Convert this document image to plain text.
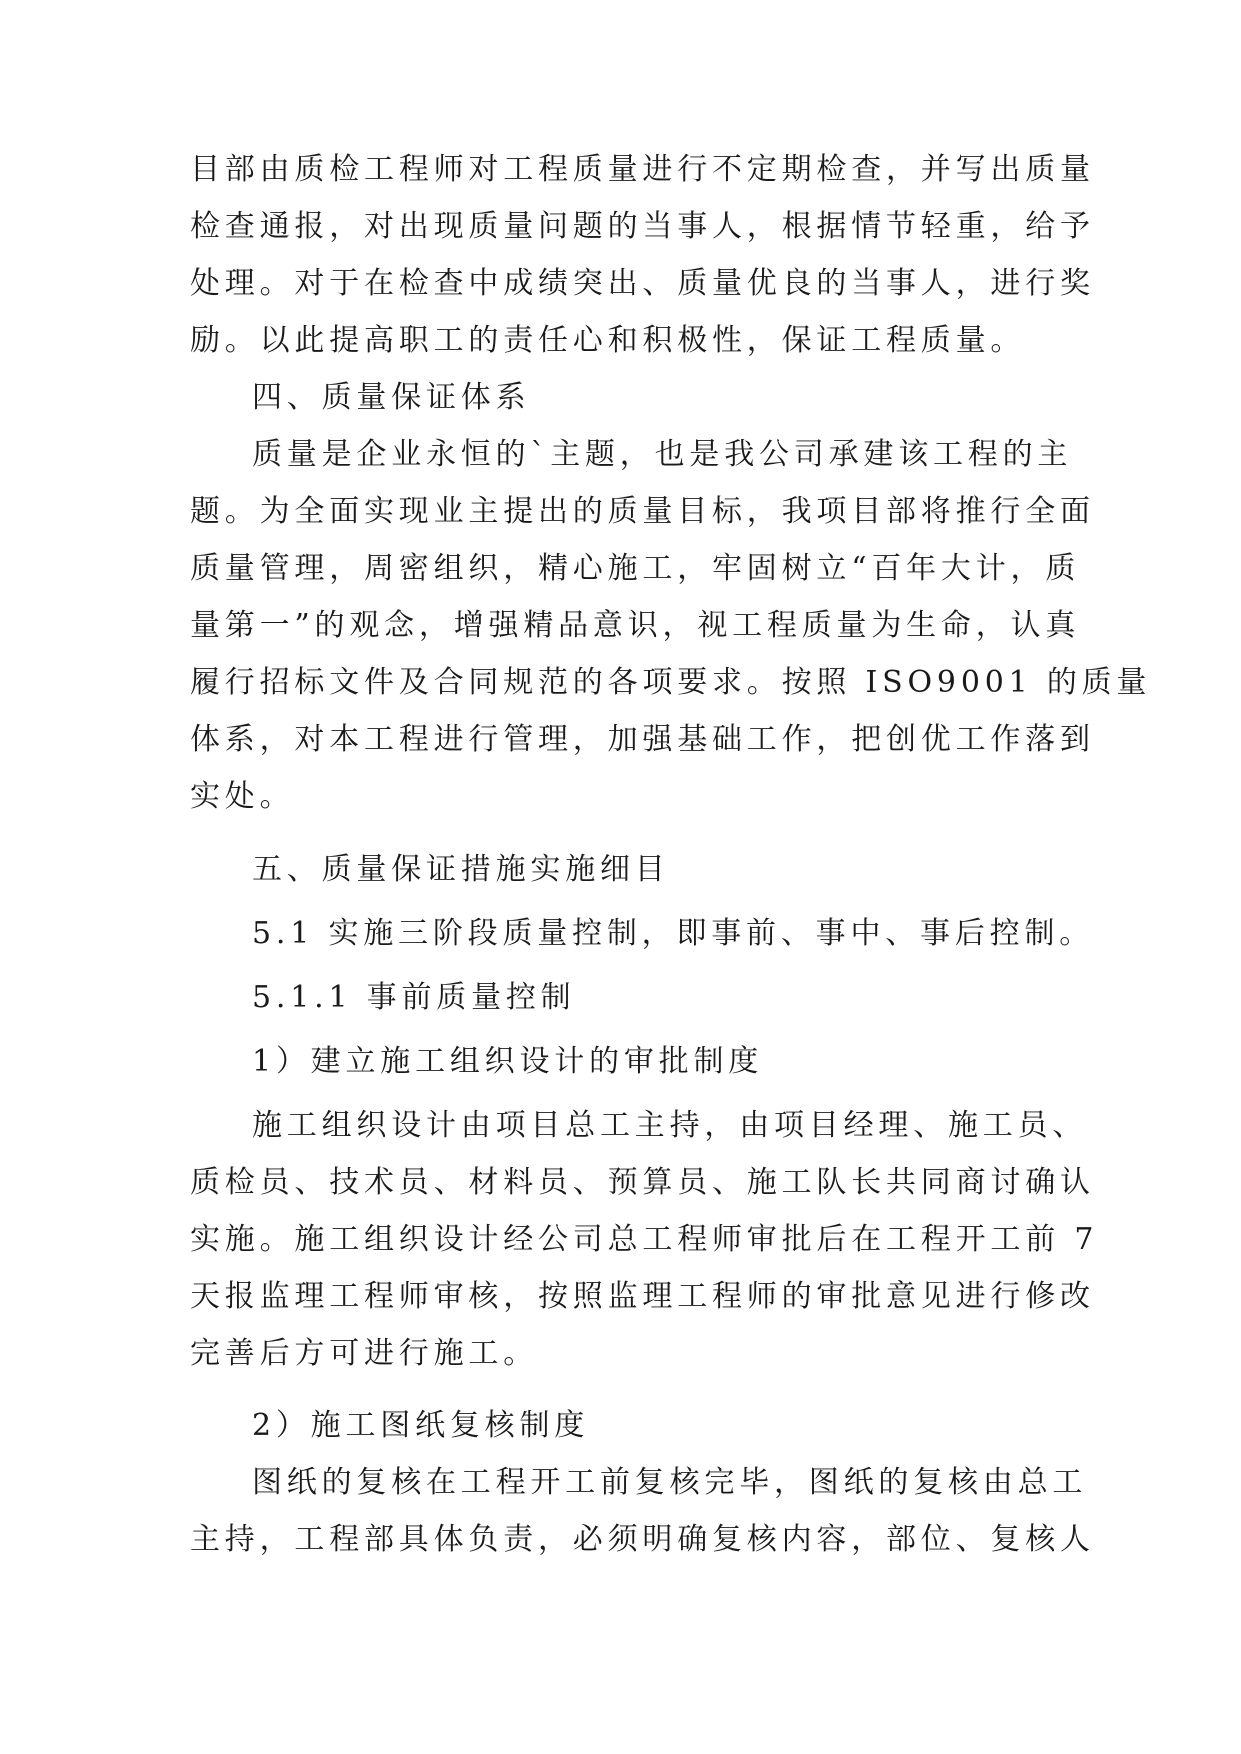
目部由质检工程师对工程质量进行不定期检查，并写出质量
检查通报，对出现质量问题的当事人，根据情节轻重，给予
处理。对于在检查中成绩突出、质量优良的当事人，进行奖
励。以此提高职工的责任心和积极性，保证工程质量。
四、质量保证体系
质量是企业永恒的`主题，也是我公司承建该工程的主
题。为全面实现业主提出的质量目标，我项目部将推行全面
质量管理，周密组织，精心施工，牢固树立“百年大计，质
量第一”的观念，增强精品意识，视工程质量为生命，认真
履行招标文件及合同规范的各项要求。按照 ISO9001 的质量
体系，对本工程进行管理，加强基础工作，把创优工作落到
实处。
五、质量保证措施实施细目
5.1 实施三阶段质量控制，即事前、事中、事后控制。
5.1.1 事前质量控制
1）建立施工组织设计的审批制度
施工组织设计由项目总工主持，由项目经理、施工员、
质检员、技术员、材料员、预算员、施工队长共同商讨确认
实施。施工组织设计经公司总工程师审批后在工程开工前 7
天报监理工程师审核，按照监理工程师的审批意见进行修改
完善后方可进行施工。
2）施工图纸复核制度
图纸的复核在工程开工前复核完毕，图纸的复核由总工
主持，工程部具体负责，必须明确复核内容，部位、复核人
